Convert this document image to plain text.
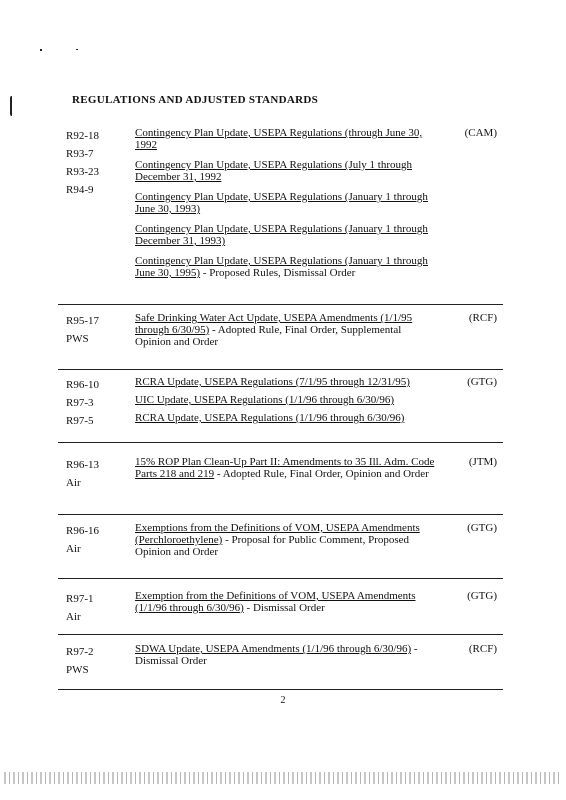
REGULATIONS AND ADJUSTED STANDARDS
R92-18
R93-7
R93-23
R94-9
Contingency Plan Update, USEPA Regulations (through June 30, 1992
Contingency Plan Update, USEPA Regulations (July 1 through December 31, 1992
Contingency Plan Update, USEPA Regulations (January 1 through June 30, 1993)
Contingency Plan Update, USEPA Regulations (January 1 through December 31, 1993)
Contingency Plan Update, USEPA Regulations (January 1 through June 30, 1995) - Proposed Rules, Dismissal Order
(CAM)
R95-17
PWS
Safe Drinking Water Act Update, USEPA Amendments (1/1/95 through 6/30/95) - Adopted Rule, Final Order, Supplemental Opinion and Order
(RCF)
R96-10
R97-3
R97-5
RCRA Update, USEPA Regulations (7/1/95 through 12/31/95)
UIC Update, USEPA Regulations (1/1/96 through 6/30/96)
RCRA Update, USEPA Regulations (1/1/96 through 6/30/96)
(GTG)
R96-13
Air
15% ROP Plan Clean-Up Part II: Amendments to 35 Ill. Adm. Code Parts 218 and 219 - Adopted Rule, Final Order, Opinion and Order
(JTM)
R96-16
Air
Exemptions from the Definitions of VOM, USEPA Amendments (Perchloroethylene) - Proposal for Public Comment, Proposed Opinion and Order
(GTG)
R97-1
Air
Exemption from the Definitions of VOM, USEPA Amendments (1/1/96 through 6/30/96) - Dismissal Order
(GTG)
R97-2
PWS
SDWA Update, USEPA Amendments (1/1/96 through 6/30/96) - Dismissal Order
(RCF)
2
